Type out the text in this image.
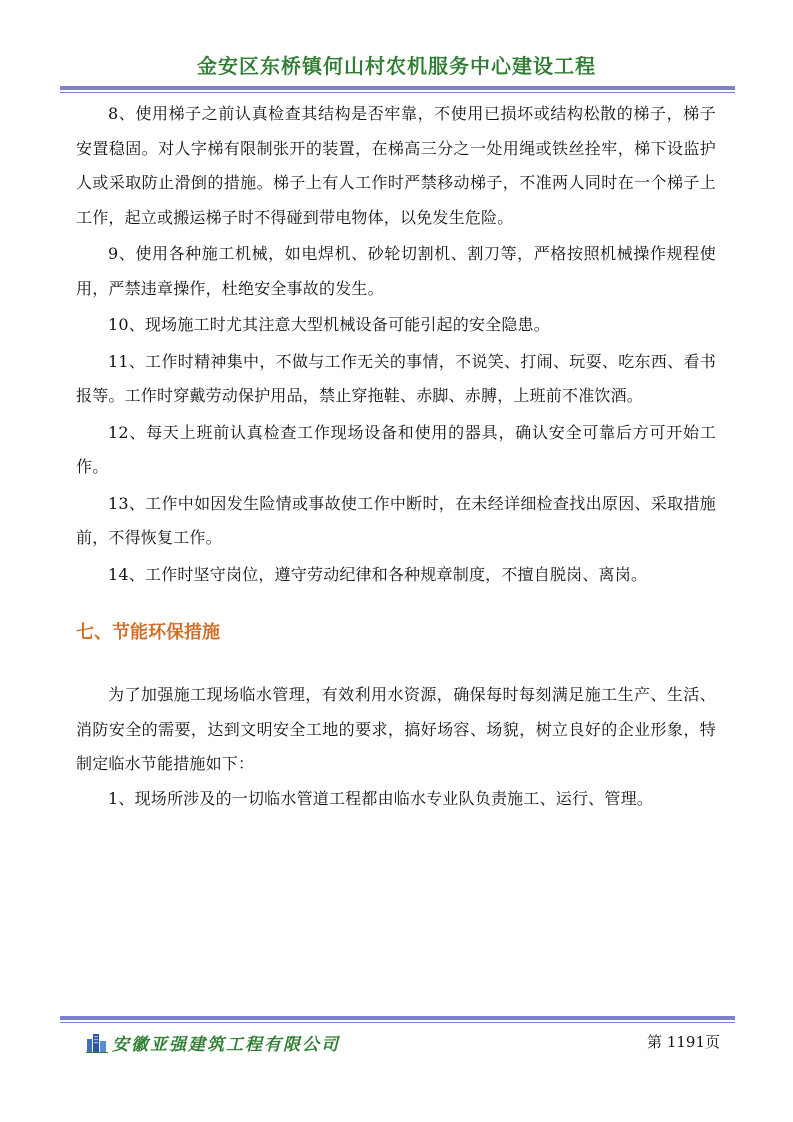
金安区东桥镇何山村农机服务中心建设工程

8、使用梯子之前认真检查其结构是否牢靠，不使用已损坏或结构松散的梯子，梯子安置稳固。对人字梯有限制张开的装置，在梯高三分之一处用绳或铁丝拴牢，梯下设监护人或采取防止滑倒的措施。梯子上有人工作时严禁移动梯子，不准两人同时在一个梯子上工作，起立或搬运梯子时不得碰到带电物体，以免发生危险。

9、使用各种施工机械，如电焊机、砂轮切割机、割刀等，严格按照机械操作规程使用，严禁违章操作，杜绝安全事故的发生。

10、现场施工时尤其注意大型机械设备可能引起的安全隐患。

11、工作时精神集中，不做与工作无关的事情，不说笑、打闹、玩耍、吃东西、看书报等。工作时穿戴劳动保护用品，禁止穿拖鞋、赤脚、赤膊，上班前不准饮酒。

12、每天上班前认真检查工作现场设备和使用的器具，确认安全可靠后方可开始工作。

13、工作中如因发生险情或事故使工作中断时，在未经详细检查找出原因、采取措施前，不得恢复工作。

14、工作时坚守岗位，遵守劳动纪律和各种规章制度，不擅自脱岗、离岗。

七、节能环保措施

为了加强施工现场临水管理，有效利用水资源，确保每时每刻满足施工生产、生活、消防安全的需要，达到文明安全工地的要求，搞好场容、场貌，树立良好的企业形象，特制定临水节能措施如下：

1、现场所涉及的一切临水管道工程都由临水专业队负责施工、运行、管理。

安徽亚强建筑工程有限公司	第 1191页
